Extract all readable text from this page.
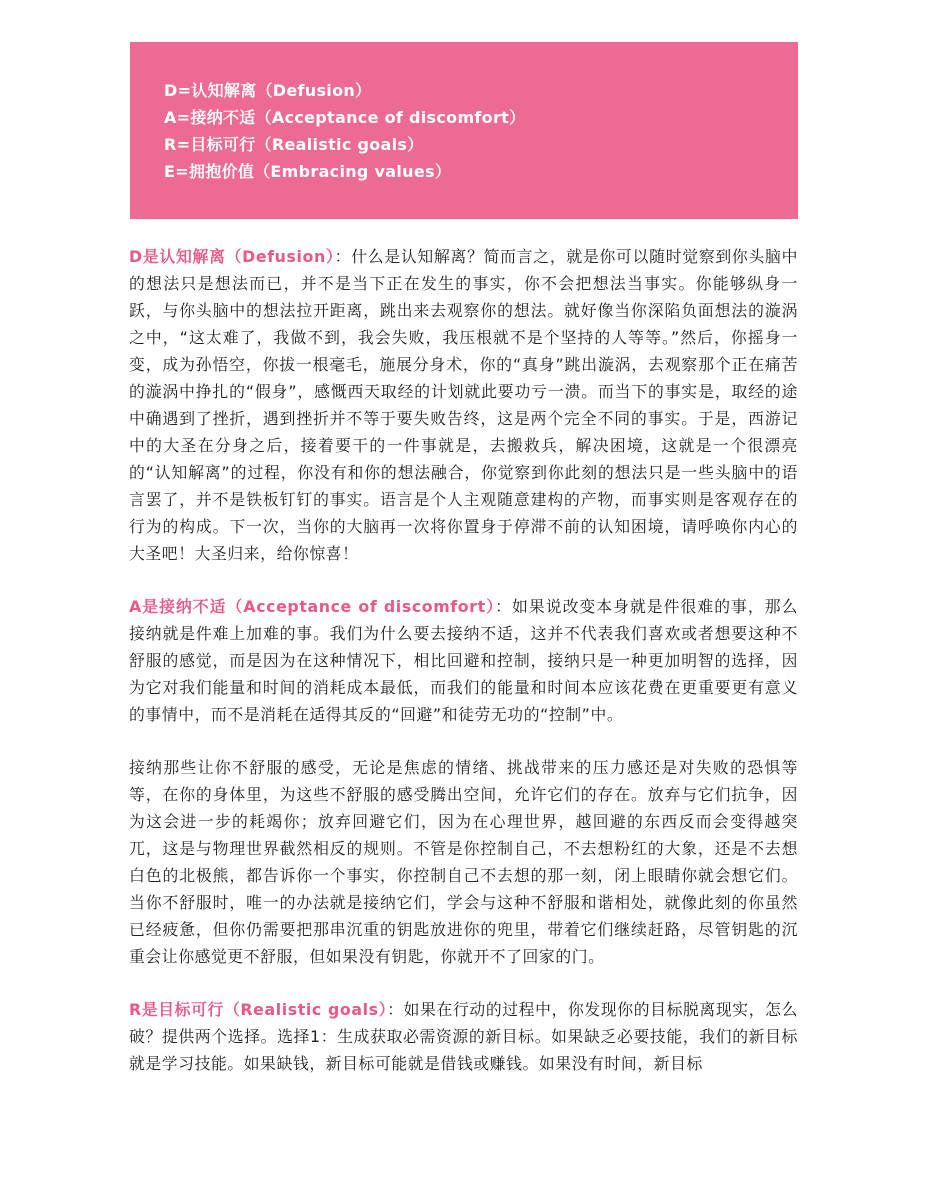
D=认知解离（Defusion）
A=接纳不适（Acceptance of discomfort）
R=目标可行（Realistic goals）
E=拥抱价值（Embracing values）

D是认知解离（Defusion）：什么是认知解离？简而言之，就是你可以随时觉察到你头脑中的想法只是想法而已，并不是当下正在发生的事实，你不会把想法当事实。你能够纵身一跃，与你头脑中的想法拉开距离，跳出来去观察你的想法。就好像当你深陷负面想法的漩涡之中，“这太难了，我做不到，我会失败，我压根就不是个坚持的人等等。”然后，你摇身一变，成为孙悟空，你拔一根毫毛，施展分身术，你的“真身”跳出漩涡，去观察那个正在痛苦的漩涡中挣扎的“假身”，感慨西天取经的计划就此要功亏一溃。而当下的事实是，取经的途中确遇到了挫折，遇到挫折并不等于要失败告终，这是两个完全不同的事实。于是，西游记中的大圣在分身之后，接着要干的一件事就是，去搬救兵，解决困境，这就是一个很漂亮的“认知解离”的过程，你没有和你的想法融合，你觉察到你此刻的想法只是一些头脑中的语言罢了，并不是铁板钉钉的事实。语言是个人主观随意建构的产物，而事实则是客观存在的行为的构成。下一次，当你的大脑再一次将你置身于停滞不前的认知困境，请呼唤你内心的大圣吧！大圣归来，给你惊喜！

A是接纳不适（Acceptance of discomfort）：如果说改变本身就是件很难的事，那么接纳就是件难上加难的事。我们为什么要去接纳不适，这并不代表我们喜欢或者想要这种不舒服的感觉，而是因为在这种情况下，相比回避和控制，接纳只是一种更加明智的选择，因为它对我们能量和时间的消耗成本最低，而我们的能量和时间本应该花费在更重要更有意义的事情中，而不是消耗在适得其反的“回避”和徒劳无功的“控制”中。

接纳那些让你不舒服的感受，无论是焦虑的情绪、挑战带来的压力感还是对失败的恐惧等等，在你的身体里，为这些不舒服的感受腾出空间，允许它们的存在。放弃与它们抗争，因为这会进一步的耗竭你；放弃回避它们，因为在心理世界，越回避的东西反而会变得越突兀，这是与物理世界截然相反的规则。不管是你控制自己，不去想粉红的大象，还是不去想白色的北极熊，都告诉你一个事实，你控制自己不去想的那一刻，闭上眼睛你就会想它们。当你不舒服时，唯一的办法就是接纳它们，学会与这种不舒服和谐相处，就像此刻的你虽然已经疲惫，但你仍需要把那串沉重的钥匙放进你的兜里，带着它们继续赶路，尽管钥匙的沉重会让你感觉更不舒服，但如果没有钥匙，你就开不了回家的门。

R是目标可行（Realistic goals）：如果在行动的过程中，你发现你的目标脱离现实，怎么破？提供两个选择。选择1：生成获取必需资源的新目标。如果缺乏必要技能，我们的新目标就是学习技能。如果缺钱，新目标可能就是借钱或赚钱。如果没有时间，新目标
